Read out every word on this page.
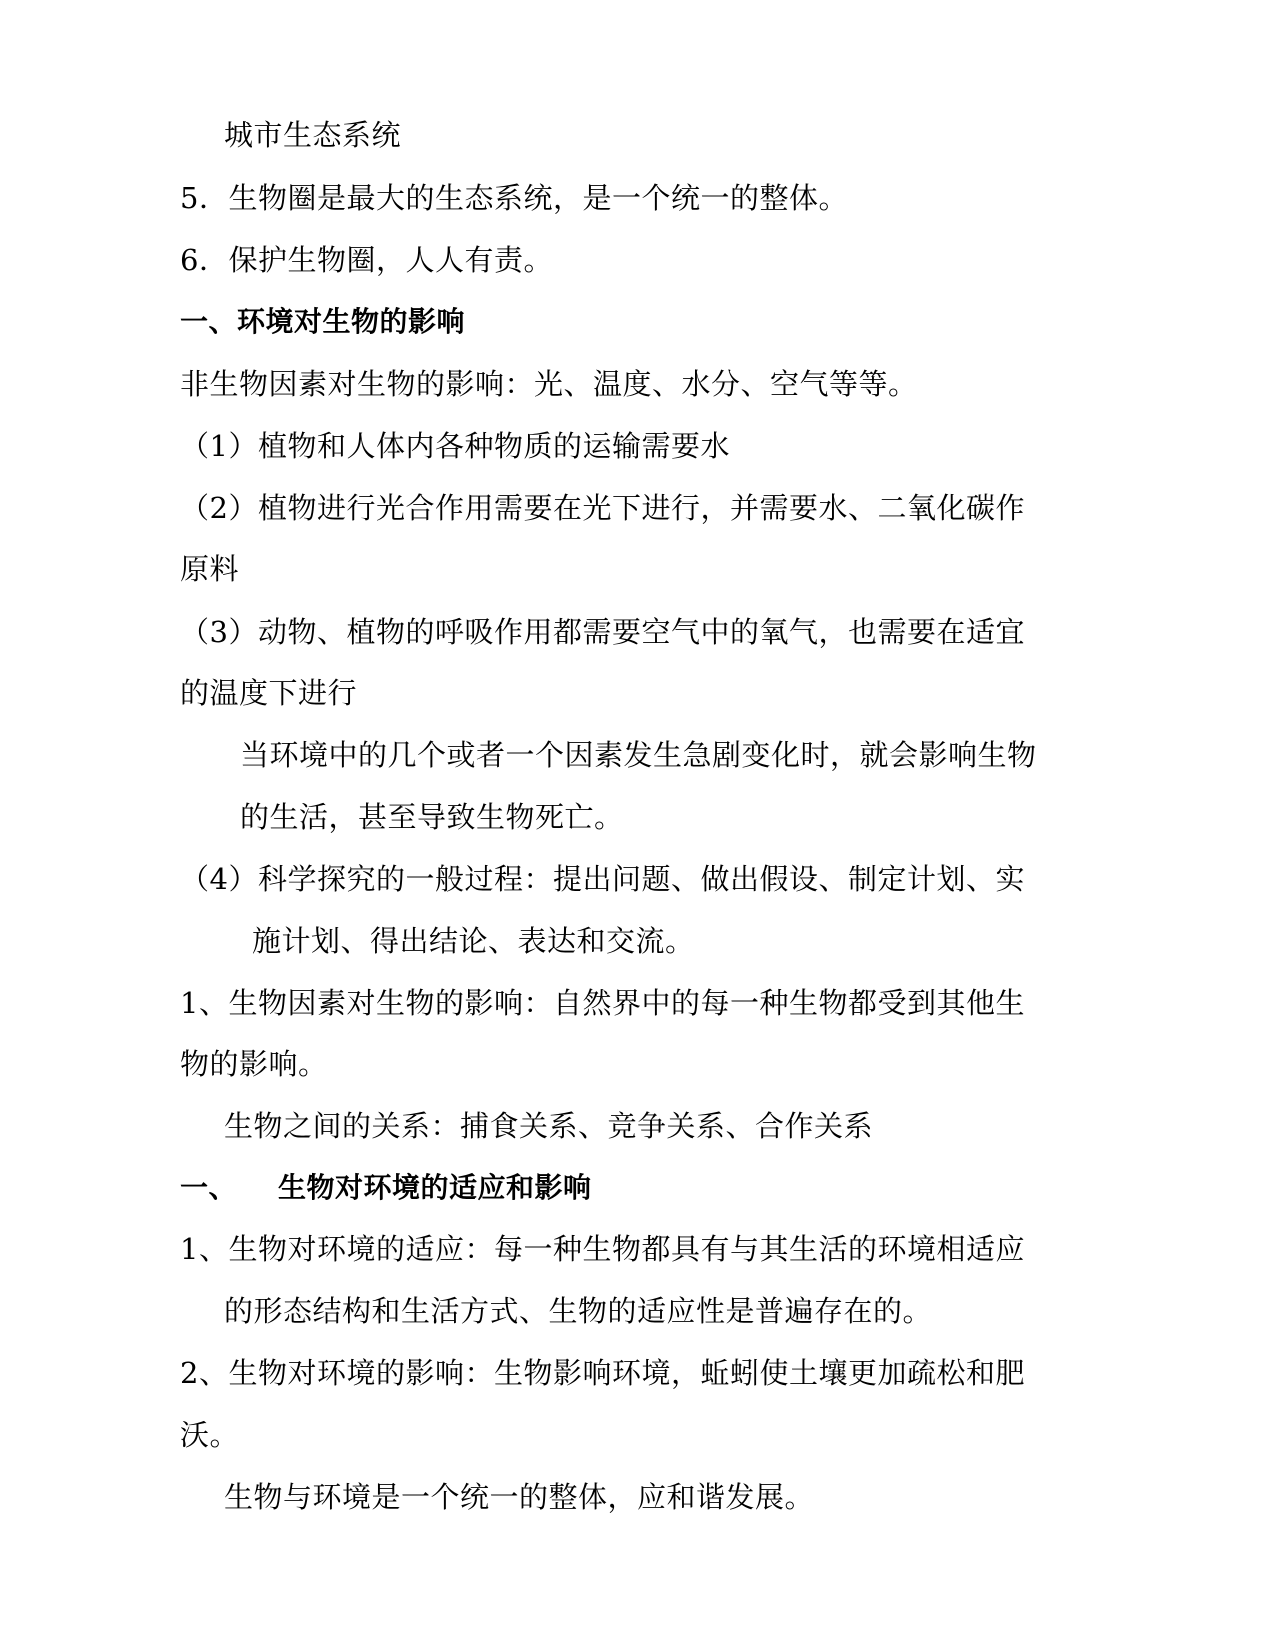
城市生态系统
5．生物圈是最大的生态系统，是一个统一的整体。
6．保护生物圈，人人有责。
一、环境对生物的影响
非生物因素对生物的影响：光、温度、水分、空气等等。
（1）植物和人体内各种物质的运输需要水
（2）植物进行光合作用需要在光下进行，并需要水、二氧化碳作
原料
（3）动物、植物的呼吸作用都需要空气中的氧气，也需要在适宜
的温度下进行
当环境中的几个或者一个因素发生急剧变化时，就会影响生物
的生活，甚至导致生物死亡。
（4）科学探究的一般过程：提出问题、做出假设、制定计划、实
施计划、得出结论、表达和交流。
1、生物因素对生物的影响：自然界中的每一种生物都受到其他生
物的影响。
生物之间的关系：捕食关系、竞争关系、合作关系
一、    生物对环境的适应和影响
1、生物对环境的适应：每一种生物都具有与其生活的环境相适应
的形态结构和生活方式、生物的适应性是普遍存在的。
2、生物对环境的影响：生物影响环境，蚯蚓使土壤更加疏松和肥
沃。
生物与环境是一个统一的整体，应和谐发展。
